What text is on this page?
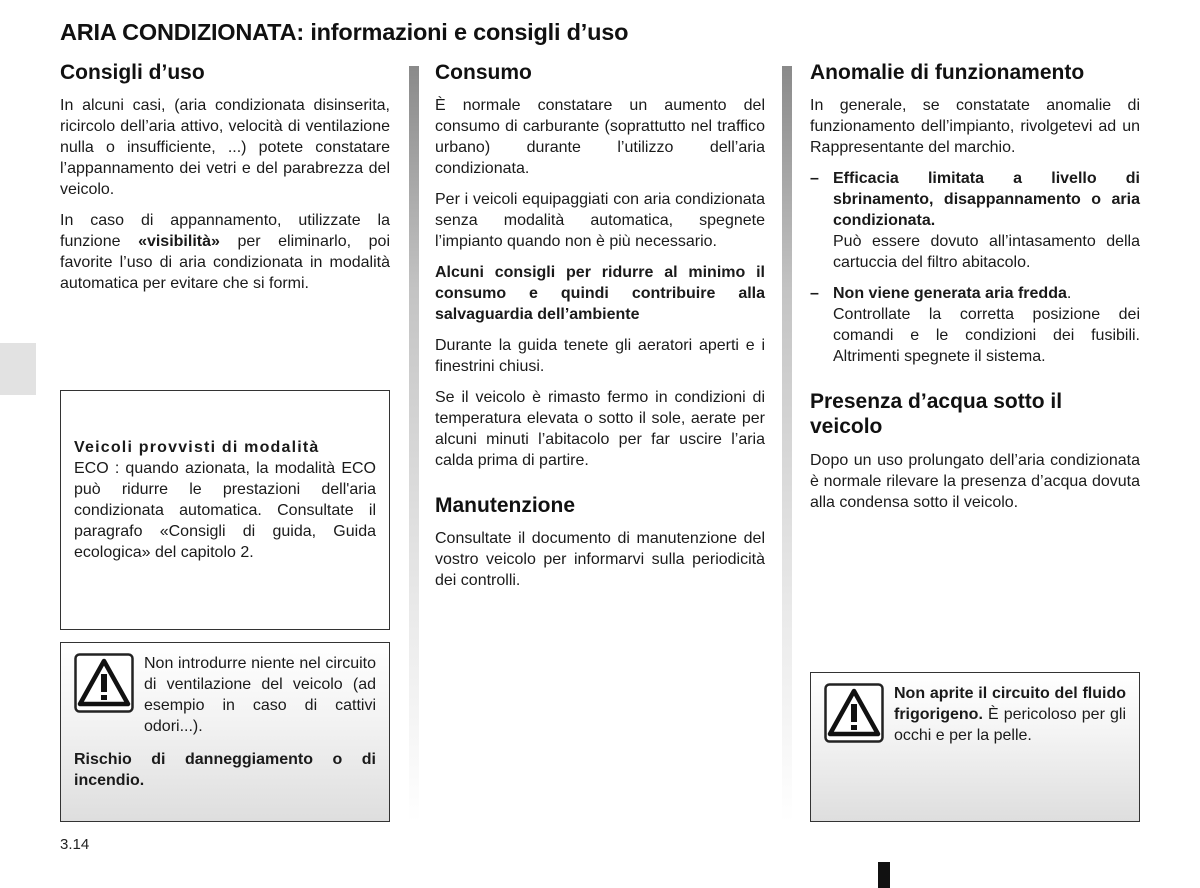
ARIA CONDIZIONATA: informazioni e consigli d’uso
Consigli d’uso

In alcuni casi, (aria condizionata disinserita, ricircolo dell’aria attivo, velocità di ventilazione nulla o insufficiente, ...) potete constatare l’appannamento dei vetri e del parabrezza del veicolo.

In caso di appannamento, utilizzate la funzione «visibilità» per eliminarlo, poi favorite l’uso di aria condizionata in modalità automatica per evitare che si formi.

Veicoli provvisti di modalità
ECO : quando azionata, la modalità ECO può ridurre le prestazioni dell'aria condizionata automatica. Consultate il paragrafo «Consigli di guida, Guida ecologica» del capitolo 2.

Non introdurre niente nel circuito di ventilazione del veicolo (ad esempio in caso di cattivi odori...).

Rischio di danneggiamento o di incendio.

Consumo

È normale constatare un aumento del consumo di carburante (soprattutto nel traffico urbano) durante l’utilizzo dell’aria condizionata.

Per i veicoli equipaggiati con aria condizionata senza modalità automatica, spegnete l’impianto quando non è più necessario.

Alcuni consigli per ridurre al minimo il consumo e quindi contribuire alla salvaguardia dell’ambiente

Durante la guida tenete gli aeratori aperti e i finestrini chiusi.

Se il veicolo è rimasto fermo in condizioni di temperatura elevata o sotto il sole, aerate per alcuni minuti l’abitacolo per far uscire l’aria calda prima di partire.

Manutenzione

Consultate il documento di manutenzione del vostro veicolo per informarvi sulla periodicità dei controlli.

Anomalie di funzionamento

In generale, se constatate anomalie di funzionamento dell’impianto, rivolgetevi ad un Rappresentante del marchio.

– Efficacia limitata a livello di sbrinamento, disappannamento o aria condizionata.
Può essere dovuto all’intasamento della cartuccia del filtro abitacolo.
– Non viene generata aria fredda.
Controllate la corretta posizione dei comandi e le condizioni dei fusibili. Altrimenti spegnete il sistema.
Presenza d’acqua sotto il veicolo

Dopo un uso prolungato dell’aria condizionata è normale rilevare la presenza d’acqua dovuta alla condensa sotto il veicolo.

Non aprite il circuito del fluido frigorigeno. È pericoloso per gli occhi e per la pelle.

3.14
